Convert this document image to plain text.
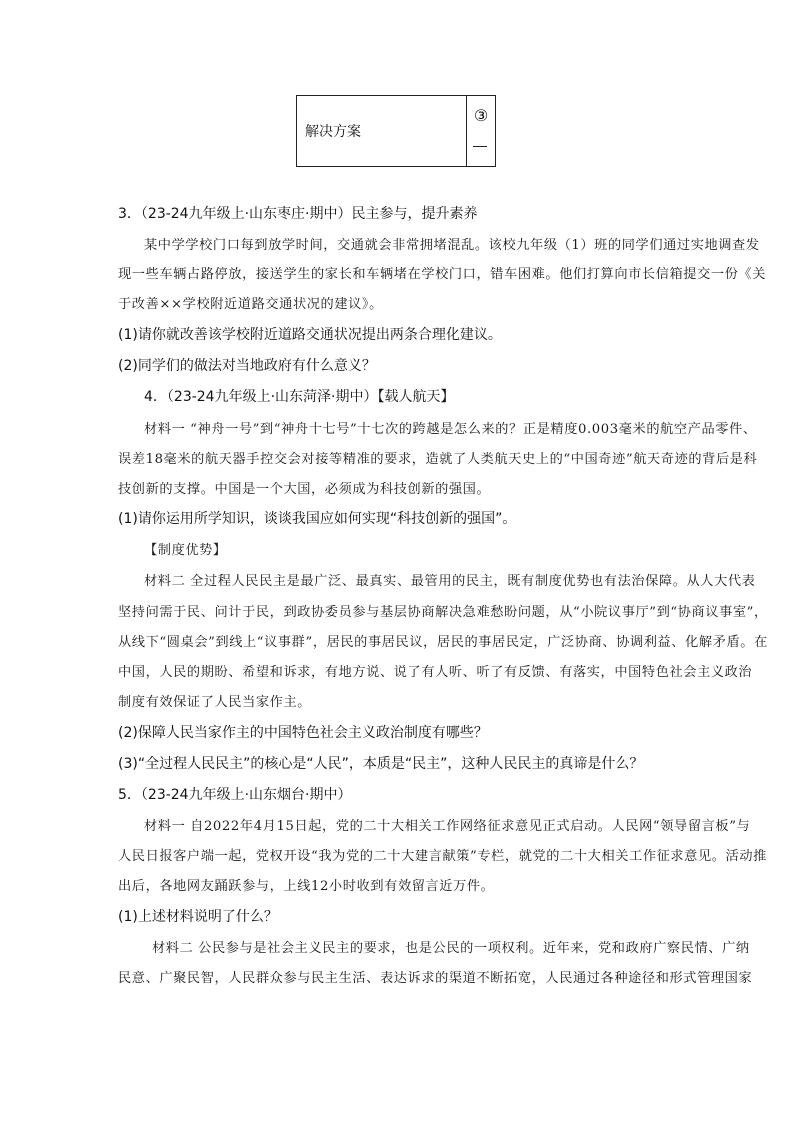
解决方案
③
3．（23-24九年级上·山东枣庄·期中）民主参与，提升素养
某中学学校门口每到放学时间，交通就会非常拥堵混乱。该校九年级（1）班的同学们通过实地调查发
现一些车辆占路停放，接送学生的家长和车辆堵在学校门口，错车困难。他们打算向市长信箱提交一份《关
于改善××学校附近道路交通状况的建议》。
(1)请你就改善该学校附近道路交通状况提出两条合理化建议。
(2)同学们的做法对当地政府有什么意义？
4．（23-24九年级上·山东菏泽·期中）【载人航天】
材料一 “神舟一号”到“神舟十七号”十七次的跨越是怎么来的？正是精度0.003毫米的航空产品零件、
误差18毫米的航天器手控交会对接等精准的要求，造就了人类航天史上的“中国奇迹”航天奇迹的背后是科
技创新的支撑。中国是一个大国，必须成为科技创新的强国。
(1)请你运用所学知识，谈谈我国应如何实现“科技创新的强国”。
【制度优势】
材料二 全过程人民民主是最广泛、最真实、最管用的民主，既有制度优势也有法治保障。从人大代表
坚持问需于民、问计于民，到政协委员参与基层协商解决急难愁盼问题，从“小院议事厅”到“协商议事室”，
从线下“圆桌会”到线上“议事群”，居民的事居民议，居民的事居民定，广泛协商、协调利益、化解矛盾。在
中国，人民的期盼、希望和诉求，有地方说、说了有人听、听了有反馈、有落实，中国特色社会主义政治
制度有效保证了人民当家作主。
(2)保障人民当家作主的中国特色社会主义政治制度有哪些？
(3)“全过程人民民主”的核心是“人民”，本质是“民主”，这种人民民主的真谛是什么？
5．（23-24九年级上·山东烟台·期中）
材料一 自2022年4月15日起，党的二十大相关工作网络征求意见正式启动。人民网“领导留言板”与
人民日报客户端一起，党权开设“我为党的二十大建言献策”专栏，就党的二十大相关工作征求意见。活动推
出后，各地网友踊跃参与，上线12小时收到有效留言近万件。
(1)上述材料说明了什么？
材料二 公民参与是社会主义民主的要求，也是公民的一项权利。近年来，党和政府广察民情、广纳
民意、广聚民智，人民群众参与民主生活、表达诉求的渠道不断拓宽，人民通过各种途径和形式管理国家
